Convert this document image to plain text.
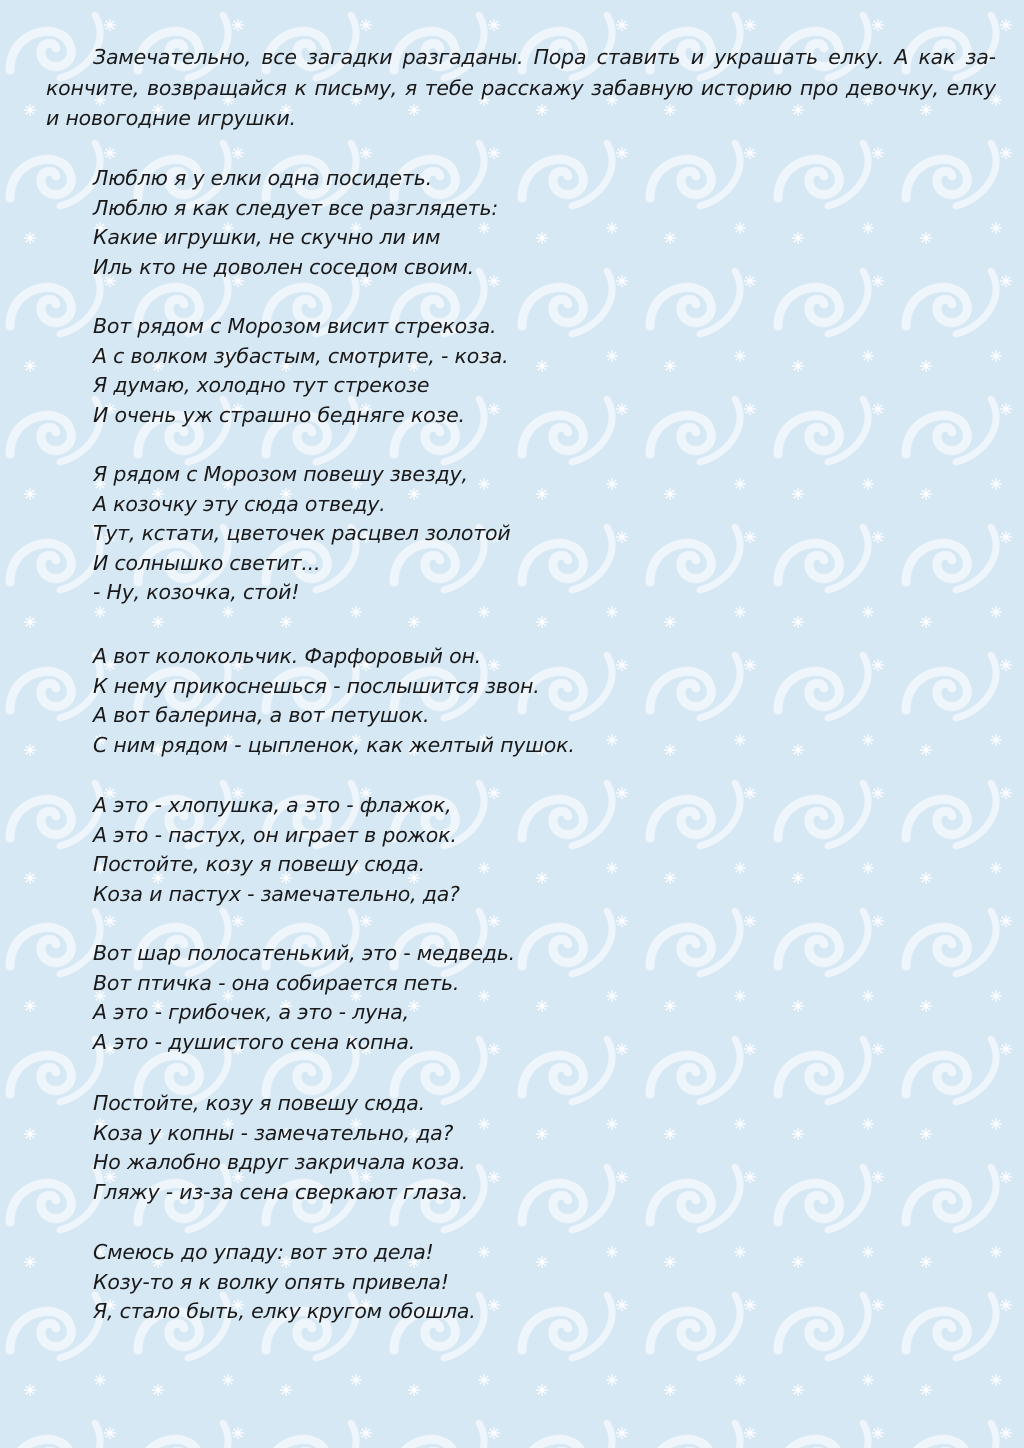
Замечательно, все загадки разгаданы. Пора ставить и украшать елку. А как закончите, возвращайся к письму, я тебе расскажу забавную историю про девочку, елку и новогодние игрушки.

Люблю я у елки одна посидеть.
Люблю я как следует все разглядеть:
Какие игрушки, не скучно ли им
Иль кто не доволен соседом своим.
Вот рядом с Морозом висит стрекоза.
А с волком зубастым, смотрите, - коза.
Я думаю, холодно тут стрекозе
И очень уж страшно бедняге козе.
Я рядом с Морозом повешу звезду,
А козочку эту сюда отведу.
Тут, кстати, цветочек расцвел золотой
И солнышко светит...
- Ну, козочка, стой!
А вот колокольчик. Фарфоровый он.
К нему прикоснешься - послышится звон.
А вот балерина, а вот петушок.
С ним рядом - цыпленок, как желтый пушок.
А это - хлопушка, а это - флажок,
А это - пастух, он играет в рожок.
Постойте, козу я повешу сюда.
Коза и пастух - замечательно, да?
Вот шар полосатенький, это - медведь.
Вот птичка - она собирается петь.
А это - грибочек, а это - луна,
А это - душистого сена копна.
Постойте, козу я повешу сюда.
Коза у копны - замечательно, да?
Но жалобно вдруг закричала коза.
Гляжу - из-за сена сверкают глаза.
Смеюсь до упаду: вот это дела!
Козу-то я к волку опять привела!
Я, стало быть, елку кругом обошла.
